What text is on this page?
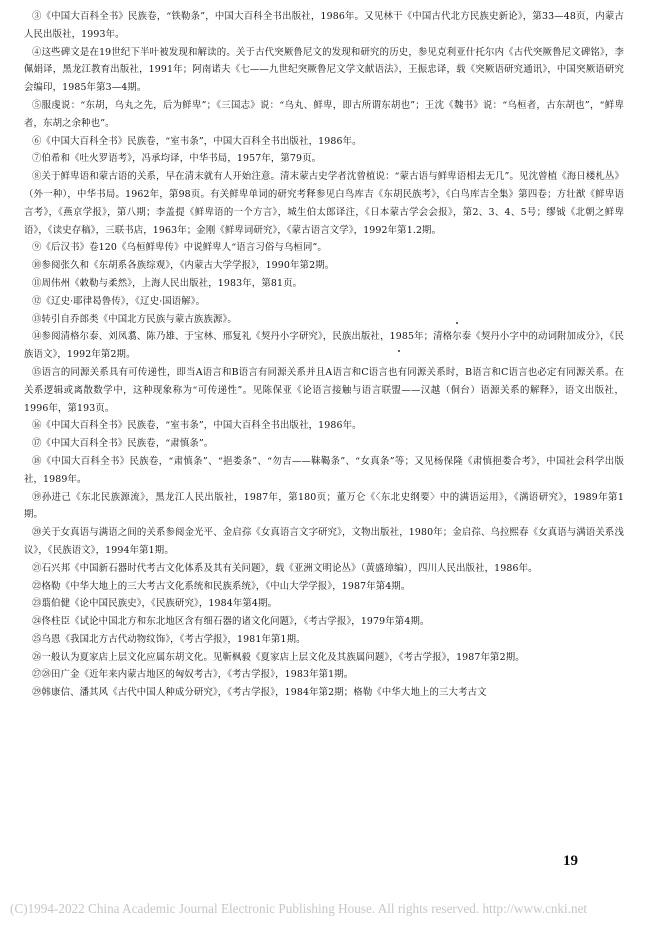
③《中国大百科全书》民族卷，“铁勒条”，中国大百科全书出版社，1986年。又见林干《中国古代北方民族史新论》，第33—48页，内蒙古人民出版社，1993年。

④这些碑文是在19世纪下半叶被发现和解读的。关于古代突厥鲁尼文的发现和研究的历史，参见克利亚什托尔内《古代突厥鲁尼文碑铭》，李佩娟译，黑龙江教育出版社，1991年；阿南诺夫《七——九世纪突厥鲁尼文学文献语法》，王振忠译，载《突厥语研究通讯》，中国突厥语研究会编印，1985年第3—4期。

⑤服虔说：“东胡，乌丸之先，后为鲜卑”；《三国志》说：“乌丸、鲜卑，即古所谓东胡也”；王沈《魏书》说：“乌桓者，古东胡也”，“鲜卑者，东胡之余种也”。

⑥《中国大百科全书》民族卷，“室韦条”，中国大百科全书出版社，1986年。

⑦伯希和《吐火罗语考》，冯承均译，中华书局，1957年，第79页。

⑧关于鲜卑语和蒙古语的关系，早在清末就有人开始注意。清末蒙古史学者沈曾植说：“蒙古语与鲜卑语相去无几”。见沈曾植《海日楼札丛》（外一种），中华书局。1962年，第98页。有关鲜卑单词的研究考释参见白鸟库吉《东胡民族考》，《白鸟库吉全集》第四卷；方壮猷《鲜卑语言考》，《燕京学报》，第八期；李盖提《鲜卑语的一个方言》，城生伯太郎译注，《日本蒙古学会会报》，第2、3、4、5号；缪钺《北朝之鲜卑语》，《读史存稿》，三联书店，1963年；金刚《鲜卑词研究》，《蒙古语言文学》，1992年第1.2期。

⑨《后汉书》卷120《乌桓鲜卑传》中说鲜卑人“语言习俗与乌桓同”。

⑩参阅张久和《东胡系各族综观》，《内蒙古大学学报》，1990年第2期。

⑪周伟州《敕勒与柔然》，上海人民出版社，1983年，第81页。

⑫《辽史·耶律曷鲁传》，《辽史·国语解》。

⑬转引自乔郎类《中国北方民族与蒙古族族源》。

⑭参阅清格尔泰、刘凤翥、陈乃雄、于宝林、邢复礼《契丹小字研究》，民族出版社，1985年；清格尔泰《契丹小字中的动词附加成分》，《民族语文》，1992年第2期。

⑮语言的同源关系具有可传递性，即当A语言和B语言有同源关系并且A语言和C语言也有同源关系时，B语言和C语言也必定有同源关系。在关系逻辑或离散数学中，这种现象称为“可传递性”。见陈保亚《论语言接触与语言联盟——汉越（侗台）语源关系的解释》，语文出版社，1996年，第193页。

⑯《中国大百科全书》民族卷，“室韦条”，中国大百科全书出版社，1986年。

⑰《中国大百科全书》民族卷，“肃慎条”。

⑱《中国大百科全书》民族卷，“肃慎条”、“挹娄条”、“勿吉——靺鞨条”、“女真条”等；又见杨保隆《肃慎挹娄合考》，中国社会科学出版社，1989年。

⑲孙进己《东北民族源流》，黑龙江人民出版社，1987年，第180页；董万仑《〈东北史纲要〉中的满语运用》，《满语研究》，1989年第1期。

⑳关于女真语与满语之间的关系参阅金光平、金启孮《女真语言文字研究》，文物出版社，1980年；金启孮、乌拉熙春《女真语与满语关系浅议》，《民族语文》，1994年第1期。

㉑石兴邦《中国新石器时代考古文化体系及其有关问题》，载《亚洲文明论丛》（黄盛璋编），四川人民出版社，1986年。

㉒格勒《中华大地上的三大考古文化系统和民族系统》，《中山大学学报》，1987年第4期。

㉓翦伯健《论中国民族史》，《民族研究》，1984年第4期。

㉔佟柱臣《试论中国北方和东北地区含有细石器的诸文化问题》，《考古学报》，1979年第4期。

㉕乌恩《我国北方古代动物纹饰》，《考古学报》，1981年第1期。

㉖一般认为夏家店上层文化应属东胡文化。见靳枫毅《夏家店上层文化及其族属问题》，《考古学报》，1987年第2期。

㉗㉘田广金《近年来内蒙古地区的匈奴考古》，《考古学报》，1983年第1期。

㉙韩康信、潘其风《古代中国人种成分研究》，《考古学报》，1984年第2期；格勒《中华大地上的三大考古文

19
(C)1994-2022 China Academic Journal Electronic Publishing House. All rights reserved. http://www.cnki.net
